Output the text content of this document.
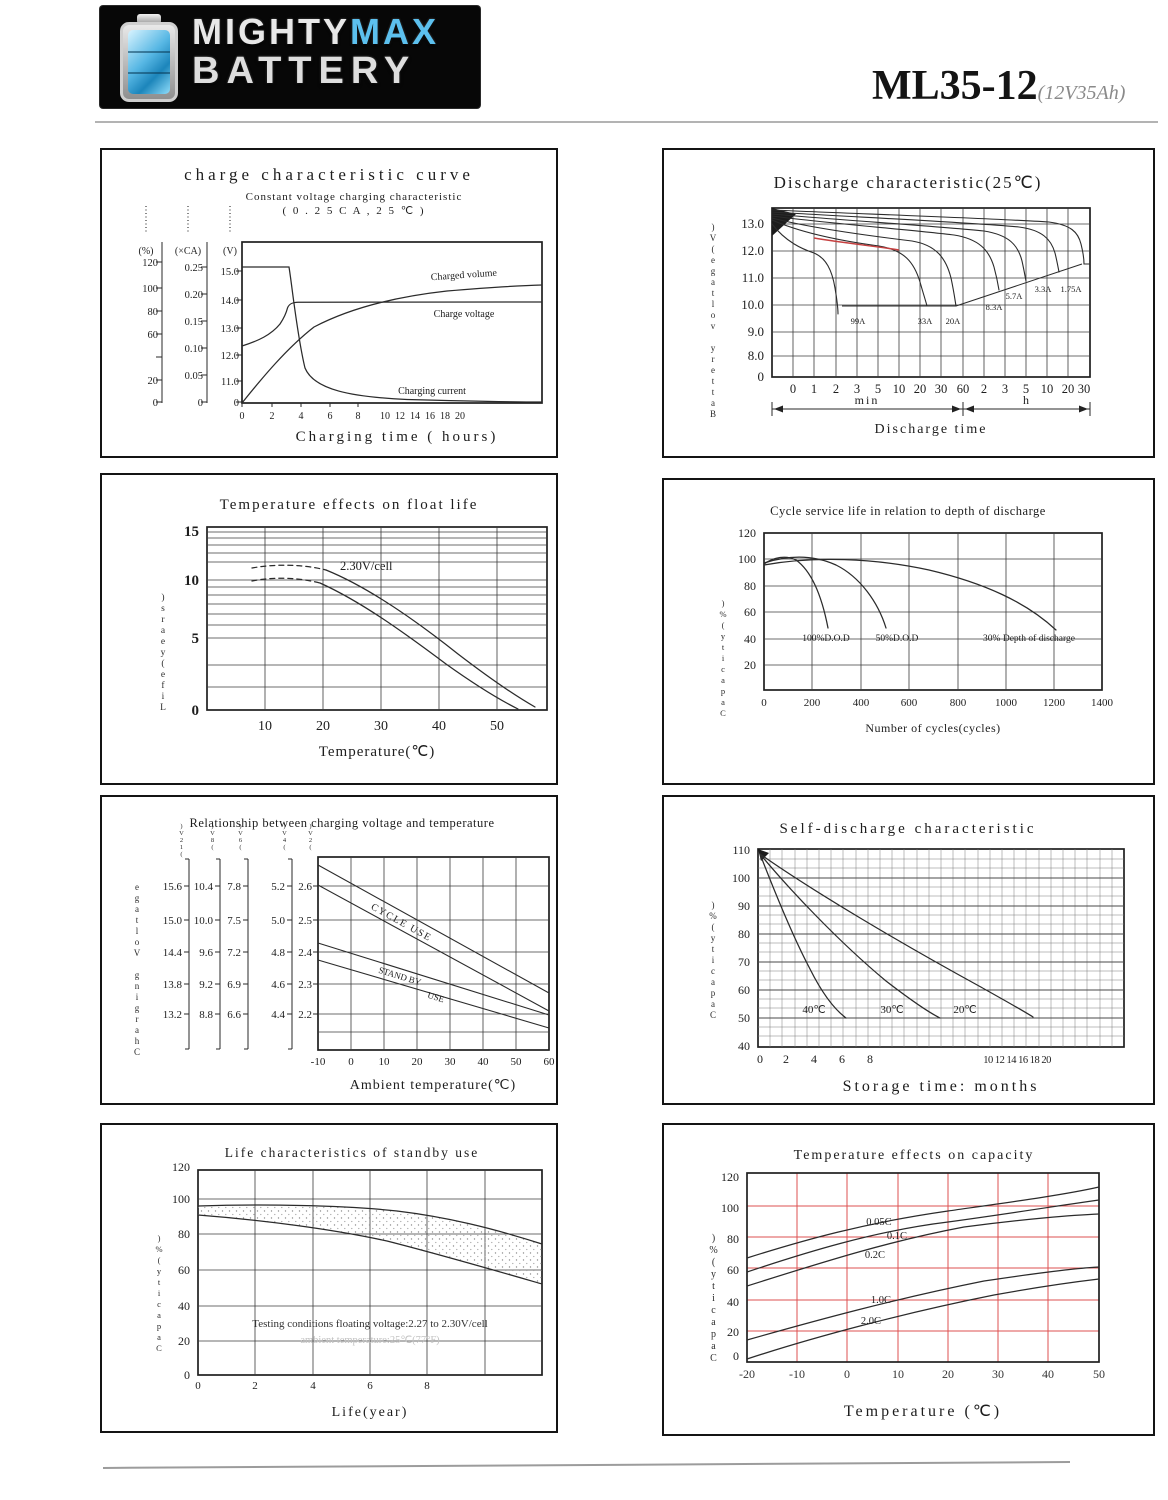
MIGHTYMAX
BATTERY	ML35-12(12V35Ah)
charge characteristic curve
Constant voltage charging characteristic
( 0 . 2 5 C A , 2 5 ℃ )
(%) (×CA) (V)
120
100
80
60
20
0
0.25
0.20
0.15
0.10
0.05
0
15.0
14.0
13.0
12.0
11.0
0
Charged volume
Charge voltage
Charging current
0	2 4 6 8 10 12 14 16 18 20
Charging time ( hours)
)V(egatlov yrettaB
Discharge characteristic(25℃)
13.0
12.0
11.0
10.0
9.0
8.0
0
99A	33A 20A
8.3A
5.7A
3.3A 1.75A
0 1 2 3 5 10 20 30 60 2 3 5 10 20 30
min	h
Discharge time
)sraey(efiL
Temperature effects on float life
15
10
5
0
2.30V/cell
10	20	30	40	50
Temperature(℃)
)%(yticapaC
Cycle service life in relation to depth of discharge
120
100
80
60
40
20
100%D.O.D	50%D.O.D	30% Depth of discharge
0	200	400	600	800	1000 1200 1400
Number of cycles(cycles)
egatloV gnigrahC
)V21(	)V8(	)V6(	)V4(	)V2(
Relationship between charging voltage and temperature
15.6
15.0
14.4
13.8
13.2
10.4
10.0
9.6
9.2
8.8
7.8
7.5
7.2
6.9
6.6
5.2
5.0
4.8
4.6
4.4
2.6
2.5
2.4
2.3
2.2
CYCLE USE
STAND BY
USE
-10 0 10 20 30 40 50 60
Ambient temperature(℃)
)%(yticapaC
Self-discharge characteristic
110
100
90
80
70
60
50
40
40℃	30℃	20℃
0 2 4 6 8	10 12 14 16 18 20
Storage time: months
)%(yticapaC
Life characteristics of standby use
120
100
80
60
40
20
0
Testing conditions floating voltage:2.27 to 2.30V/cell
ambient temperature:25℃(77°F)
0	2	4	6	8
Life(year)
)%(yticapaC
Temperature effects on capacity
120
100
80
60
40
20
0
0.05C
0.1C
0.2C
1.0C
2.0C
-20	-10	0	10	20	30	40	50
Temperature (℃)
